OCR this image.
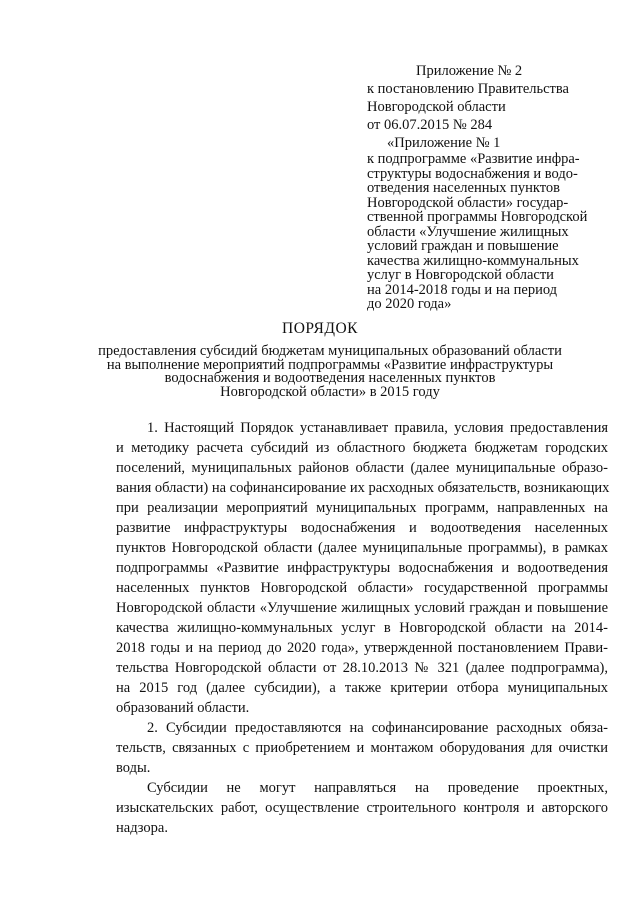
Приложение № 2
к постановлению Правительства
Новгородской области
от 06.07.2015 № 284
«Приложение № 1
к подпрограмме «Развитие инфра-
структуры водоснабжения и водо-
отведения населенных пунктов
Новгородской области» государ-
ственной программы Новгородской
области «Улучшение жилищных
условий граждан и повышение
качества жилищно-коммунальных
услуг в Новгородской области
на 2014-2018 годы и на период
до 2020 года»
ПОРЯДОК
предоставления субсидий бюджетам муниципальных образований области
на выполнение мероприятий подпрограммы «Развитие инфраструктуры
водоснабжения и водоотведения населенных пунктов
Новгородской области» в 2015 году
1. Настоящий Порядок устанавливает правила, условия предоставления
и методику расчета субсидий из областного бюджета бюджетам городских
поселений, муниципальных районов области (далее муниципальные образо-
вания области) на софинансирование их расходных обязательств, возникающих
при реализации мероприятий муниципальных программ, направленных на
развитие инфраструктуры водоснабжения и водоотведения населенных
пунктов Новгородской области (далее муниципальные программы), в рамках
подпрограммы «Развитие инфраструктуры водоснабжения и водоотведения
населенных пунктов Новгородской области» государственной программы
Новгородской области «Улучшение жилищных условий граждан и повышение
качества жилищно-коммунальных услуг в Новгородской области на 2014-
2018 годы и на период до 2020 года», утвержденной постановлением Прави-
тельства Новгородской области от 28.10.2013 № 321 (далее подпрограмма),
на 2015 год (далее субсидии), а также критерии отбора муниципальных
образований области.
2. Субсидии предоставляются на софинансирование расходных обяза-
тельств, связанных с приобретением и монтажом оборудования для очистки
воды.
Субсидии не могут направляться на проведение проектных,
изыскательских работ, осуществление строительного контроля и авторского
надзора.
